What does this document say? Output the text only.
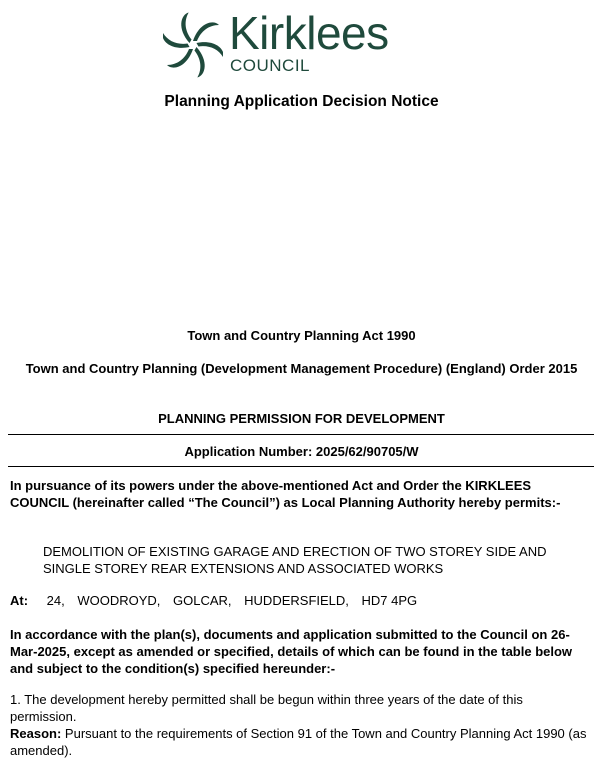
Kirklees
COUNCIL
Planning Application Decision Notice
Town and Country Planning Act 1990
Town and Country Planning (Development Management Procedure) (England) Order 2015
PLANNING PERMISSION FOR DEVELOPMENT
Application Number: 2025/62/90705/W
In pursuance of its powers under the above-mentioned Act and Order the KIRKLEES COUNCIL (hereinafter called “The Council”) as Local Planning Authority hereby permits:-
DEMOLITION OF EXISTING GARAGE AND ERECTION OF TWO STOREY SIDE AND SINGLE STOREY REAR EXTENSIONS AND ASSOCIATED WORKS
At: 24, WOODROYD, GOLCAR, HUDDERSFIELD, HD7 4PG
In accordance with the plan(s), documents and application submitted to the Council on 26-Mar-2025, except as amended or specified, details of which can be found in the table below and subject to the condition(s) specified hereunder:-
1. The development hereby permitted shall be begun within three years of the date of this permission.
Reason: Pursuant to the requirements of Section 91 of the Town and Country Planning Act 1990 (as amended).
